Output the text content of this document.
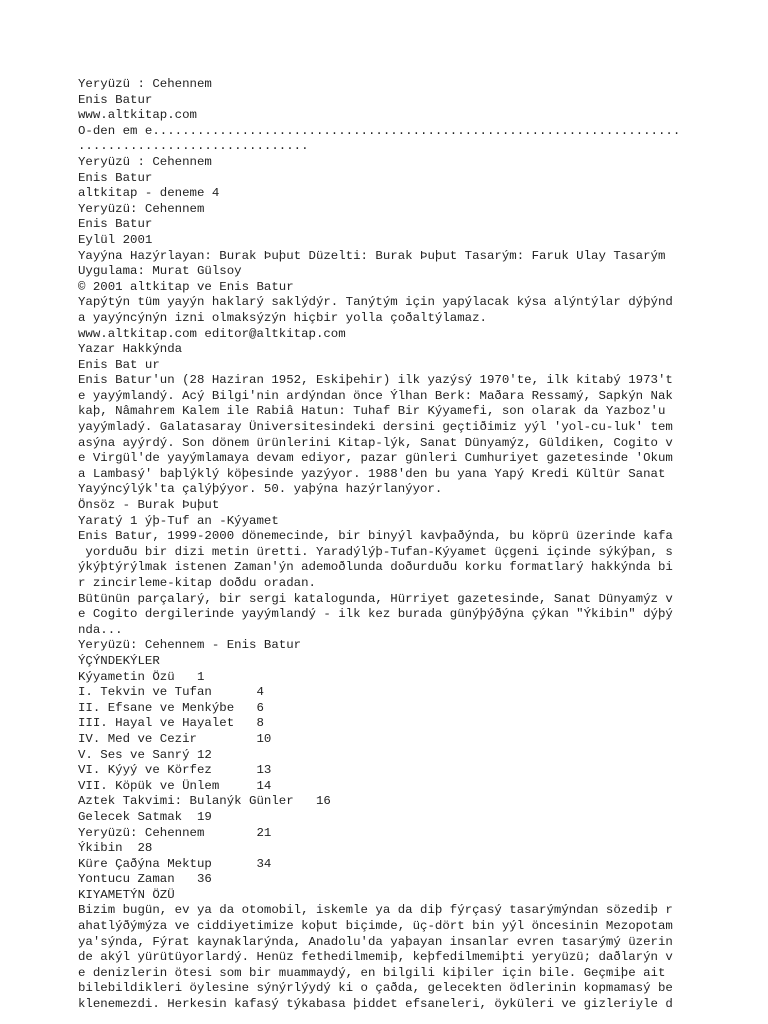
Yeryüzü : Cehennem
Enis Batur
www.altkitap.com
O-den em e.......................................................................
...............................
Yeryüzü : Cehennem
Enis Batur
altkitap - deneme 4
Yeryüzü: Cehennem
Enis Batur
Eylül 2001
Yayýna Hazýrlayan: Burak Þuþut Düzelti: Burak Þuþut Tasarým: Faruk Ulay Tasarým
Uygulama: Murat Gülsoy
© 2001 altkitap ve Enis Batur
Yapýtýn tüm yayýn haklarý saklýdýr. Tanýtým için yapýlacak kýsa alýntýlar dýþýnd
a yayýncýnýn izni olmaksýzýn hiçbir yolla çoðaltýlamaz.
www.altkitap.com editor@altkitap.com
Yazar Hakkýnda
Enis Bat ur
Enis Batur'un (28 Haziran 1952, Eskiþehir) ilk yazýsý 1970'te, ilk kitabý 1973't
e yayýmlandý. Acý Bilgi'nin ardýndan önce Ýlhan Berk: Maðara Ressamý, Sapkýn Nak
kaþ, Nâmahrem Kalem ile Rabiâ Hatun: Tuhaf Bir Kýyamefi, son olarak da Yazboz'u
yayýmladý. Galatasaray Üniversitesindeki dersini geçtiðimiz yýl 'yol-cu-luk' tem
asýna ayýrdý. Son dönem ürünlerini Kitap-lýk, Sanat Dünyamýz, Güldiken, Cogito v
e Virgül'de yayýmlamaya devam ediyor, pazar günleri Cumhuriyet gazetesinde 'Okum
a Lambasý' baþlýklý köþesinde yazýyor. 1988'den bu yana Yapý Kredi Kültür Sanat
Yayýncýlýk'ta çalýþýyor. 50. yaþýna hazýrlanýyor.
Önsöz - Burak Þuþut
Yaratý 1 ýþ-Tuf an -Kýyamet
Enis Batur, 1999-2000 dönemecinde, bir binyýl kavþaðýnda, bu köprü üzerinde kafa
yorduðu bir dizi metin üretti. Yaradýlýþ-Tufan-Kýyamet üçgeni içinde sýkýþan, s
ýkýþtýrýlmak istenen Zaman'ýn ademoðlunda doðurduðu korku formatlarý hakkýnda bi
r zincirleme-kitap doðdu oradan.
Bütünün parçalarý, bir sergi katalogunda, Hürriyet gazetesinde, Sanat Dünyamýz v
e Cogito dergilerinde yayýmlandý - ilk kez burada günýþýðýna çýkan "Ýkibin" dýþý
nda...
Yeryüzü: Cehennem - Enis Batur
ÝÇÝNDEKÝLER
Kýyametin Özü   1
I. Tekvin ve Tufan      4
II. Efsane ve Menkýbe   6
III. Hayal ve Hayalet   8
IV. Med ve Cezir        10
V. Ses ve Sanrý 12
VI. Kýyý ve Körfez      13
VII. Köpük ve Ünlem     14
Aztek Takvimi: Bulanýk Günler   16
Gelecek Satmak  19
Yeryüzü: Cehennem       21
Ýkibin  28
Küre Çaðýna Mektup      34
Yontucu Zaman   36
KIYAMETÝN ÖZÜ
Bizim bugün, ev ya da otomobil, iskemle ya da diþ fýrçasý tasarýmýndan sözediþ r
ahatlýðýmýza ve ciddiyetimize koþut biçimde, üç-dört bin yýl öncesinin Mezopotam
ya'sýnda, Fýrat kaynaklarýnda, Anadolu'da yaþayan insanlar evren tasarýmý üzerin
de akýl yürütüyorlardý. Henüz fethedilmemiþ, keþfedilmemiþti yeryüzü; daðlarýn v
e denizlerin ötesi som bir muammaydý, en bilgili kiþiler için bile. Geçmiþe ait
bilebildikleri öylesine sýnýrlýydý ki o çaðda, gelecekten ödlerinin kopmamasý be
klenemezdi. Herkesin kafasý týkabasa þiddet efsaneleri, öyküleri ve gizleriyle d
